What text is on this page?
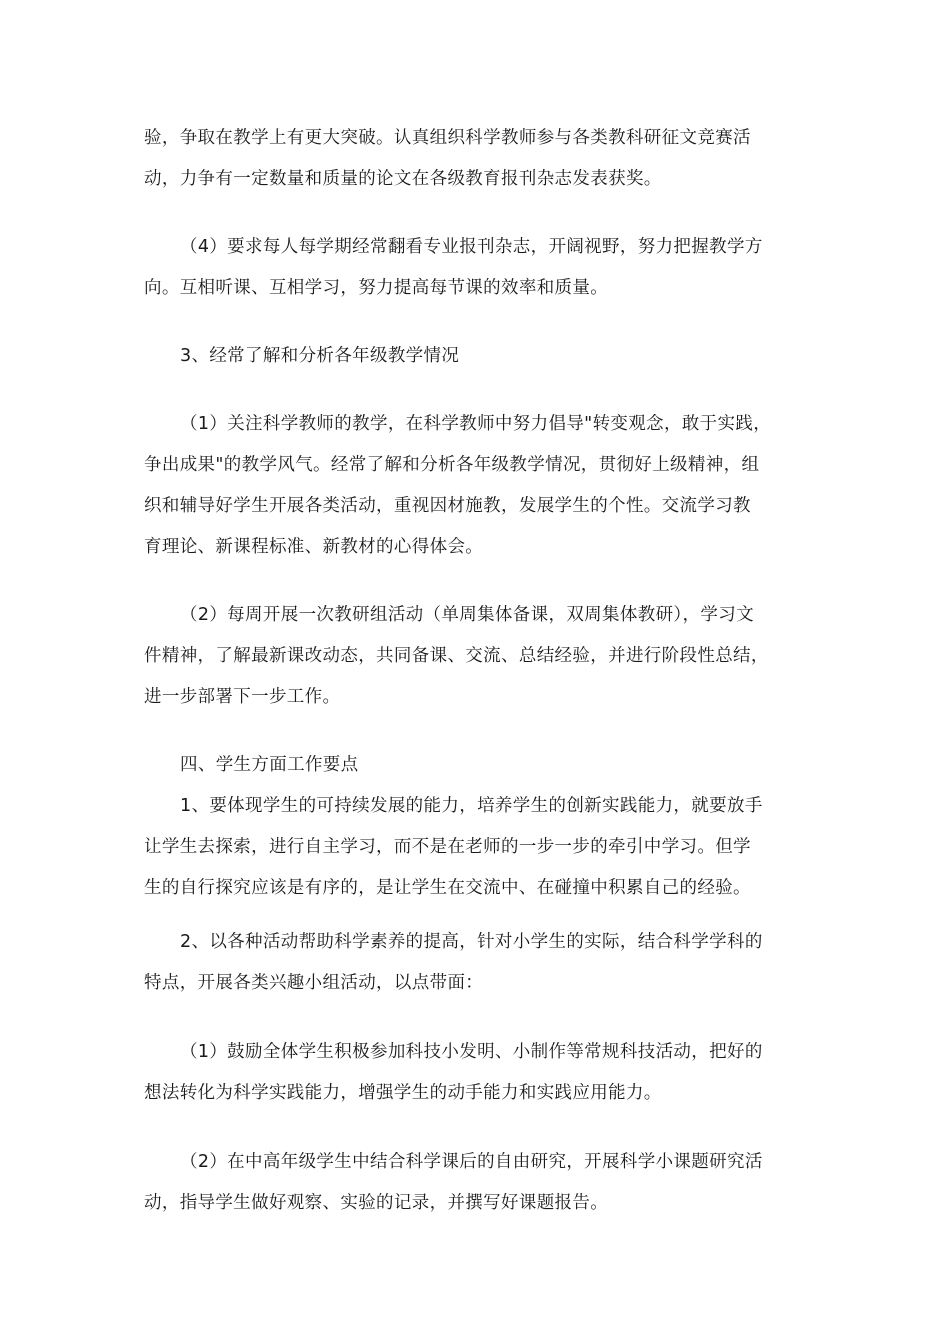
验，争取在教学上有更大突破。认真组织科学教师参与各类教科研征文竞赛活
动，力争有一定数量和质量的论文在各级教育报刊杂志发表获奖。

（4）要求每人每学期经常翻看专业报刊杂志，开阔视野，努力把握教学方
向。互相听课、互相学习，努力提高每节课的效率和质量。

3、经常了解和分析各年级教学情况

（1）关注科学教师的教学，在科学教师中努力倡导"转变观念，敢于实践，
争出成果"的教学风气。经常了解和分析各年级教学情况，贯彻好上级精神，组
织和辅导好学生开展各类活动，重视因材施教，发展学生的个性。交流学习教
育理论、新课程标准、新教材的心得体会。

（2）每周开展一次教研组活动（单周集体备课，双周集体教研），学习文
件精神，了解最新课改动态，共同备课、交流、总结经验，并进行阶段性总结，
进一步部署下一步工作。

四、学生方面工作要点
1、要体现学生的可持续发展的能力，培养学生的创新实践能力，就要放手
让学生去探索，进行自主学习，而不是在老师的一步一步的牵引中学习。但学
生的自行探究应该是有序的，是让学生在交流中、在碰撞中积累自己的经验。

2、以各种活动帮助科学素养的提高，针对小学生的实际，结合科学学科的
特点，开展各类兴趣小组活动，以点带面：

（1）鼓励全体学生积极参加科技小发明、小制作等常规科技活动，把好的
想法转化为科学实践能力，增强学生的动手能力和实践应用能力。

（2）在中高年级学生中结合科学课后的自由研究，开展科学小课题研究活
动，指导学生做好观察、实验的记录，并撰写好课题报告。
